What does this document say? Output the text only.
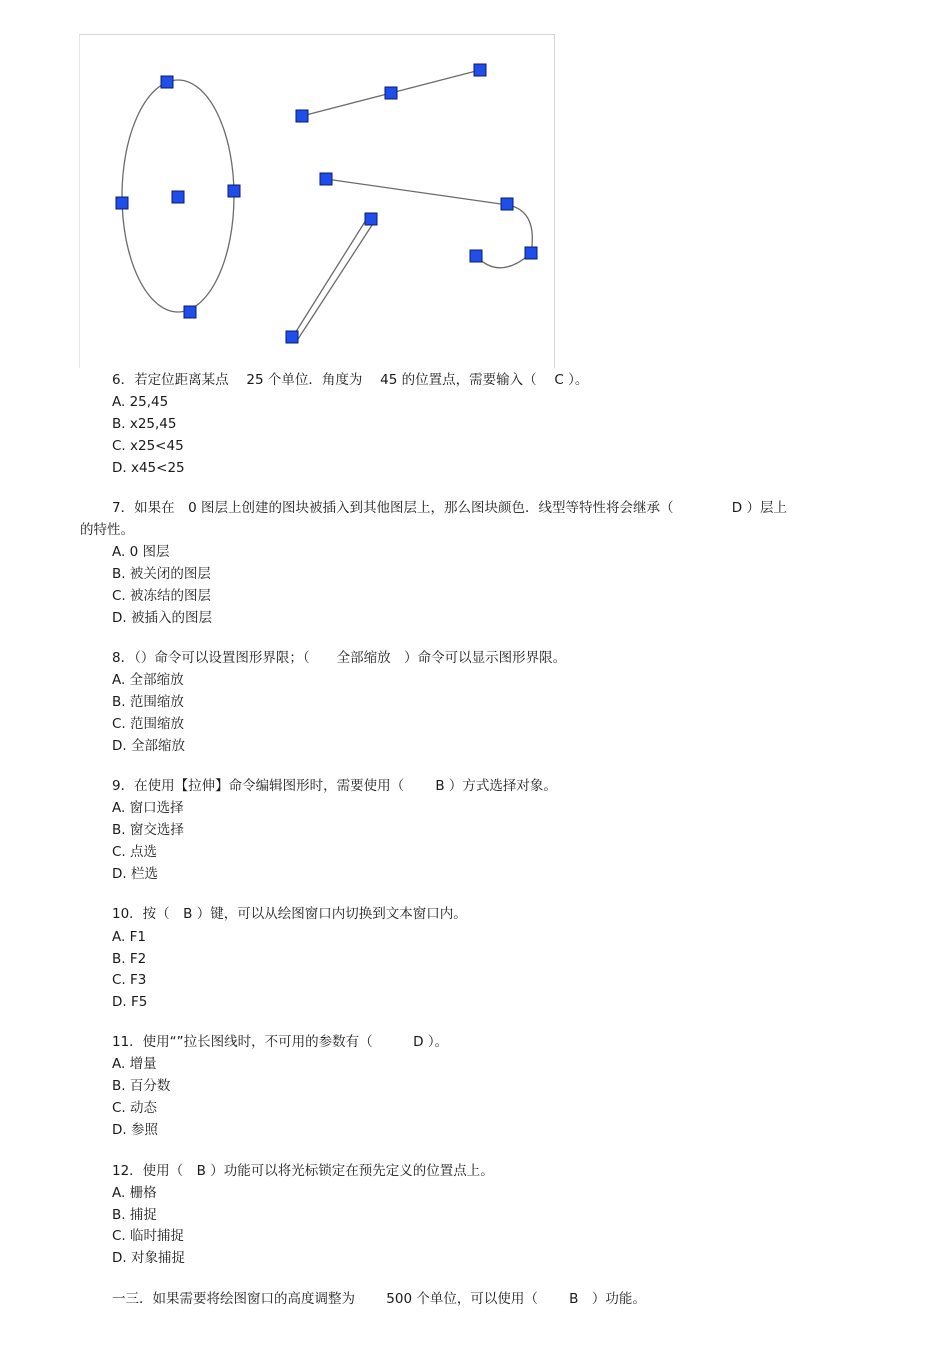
6．若定位距离某点　 25 个单位．角度为　 45 的位置点，需要输入（　 C ）。
A. 25,45
B. x25,45
C. x25<45
D. x45<25
7．如果在　0 图层上创建的图块被插入到其他图层上，那么图块颜色．线型等特性将会继承（　　　　 D ）层上
的特性。
A. 0 图层
B. 被关闭的图层
C. 被冻结的图层
D. 被插入的图层
8．（）命令可以设置图形界限；（　　全部缩放　）命令可以显示图形界限。
A. 全部缩放
B. 范围缩放
C. 范围缩放
D. 全部缩放
9．在使用【拉伸】命令编辑图形时，需要使用（　　 B ）方式选择对象。
A. 窗口选择
B. 窗交选择
C. 点选
D. 栏选
10．按（　B ）键，可以从绘图窗口内切换到文本窗口内。
A. F1
B. F2
C. F3
D. F5
11．使用“”拉长图线时，不可用的参数有（　　　D ）。
A. 增量
B. 百分数
C. 动态
D. 参照
12．使用（　B ）功能可以将光标锁定在预先定义的位置点上。
A. 栅格
B. 捕捉
C. 临时捕捉
D. 对象捕捉
一三．如果需要将绘图窗口的高度调整为　　 500 个单位，可以使用（　　 B　）功能。
